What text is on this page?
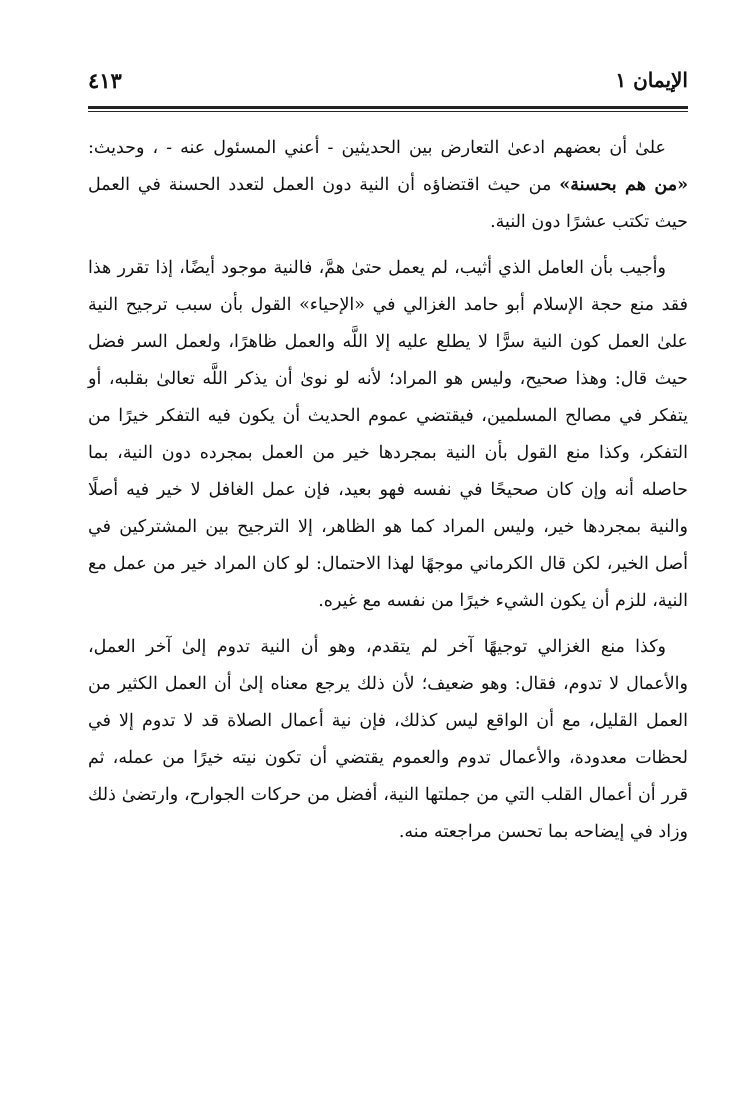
الإيمان ١
٤١٣

علىٰ أن بعضهم ادعىٰ التعارض بين الحديثين - أعني المسئول عنه - ، وحديث: «من هم بحسنة» من حيث اقتضاؤه أن النية دون العمل لتعدد الحسنة في العمل حيث تكتب عشرًا دون النية.

وأجيب بأن العامل الذي أثيب، لم يعمل حتىٰ همَّ، فالنية موجود أيضًا، إذا تقرر هذا فقد منع حجة الإسلام أبو حامد الغزالي في «الإحياء» القول بأن سبب ترجيح النية علىٰ العمل كون النية سرًّا لا يطلع عليه إلا اللَّه والعمل ظاهرًا، ولعمل السر فضل حيث قال: وهذا صحيح، وليس هو المراد؛ لأنه لو نوىٰ أن يذكر اللَّه تعالىٰ بقلبه، أو يتفكر في مصالح المسلمين، فيقتضي عموم الحديث أن يكون فيه التفكر خيرًا من التفكر، وكذا منع القول بأن النية بمجردها خير من العمل بمجرده دون النية، بما حاصله أنه وإن كان صحيحًا في نفسه فهو بعيد، فإن عمل الغافل لا خير فيه أصلًا والنية بمجردها خير، وليس المراد كما هو الظاهر، إلا الترجيح بين المشتركين في أصل الخير، لكن قال الكرماني موجهًا لهذا الاحتمال: لو كان المراد خير من عمل مع النية، للزم أن يكون الشيء خيرًا من نفسه مع غيره.

وكذا منع الغزالي توجيهًا آخر لم يتقدم، وهو أن النية تدوم إلىٰ آخر العمل، والأعمال لا تدوم، فقال: وهو ضعيف؛ لأن ذلك يرجع معناه إلىٰ أن العمل الكثير من العمل القليل، مع أن الواقع ليس كذلك، فإن نية أعمال الصلاة قد لا تدوم إلا في لحظات معدودة، والأعمال تدوم والعموم يقتضي أن تكون نيته خيرًا من عمله، ثم قرر أن أعمال القلب التي من جملتها النية، أفضل من حركات الجوارح، وارتضىٰ ذلك وزاد في إيضاحه بما تحسن مراجعته منه.
